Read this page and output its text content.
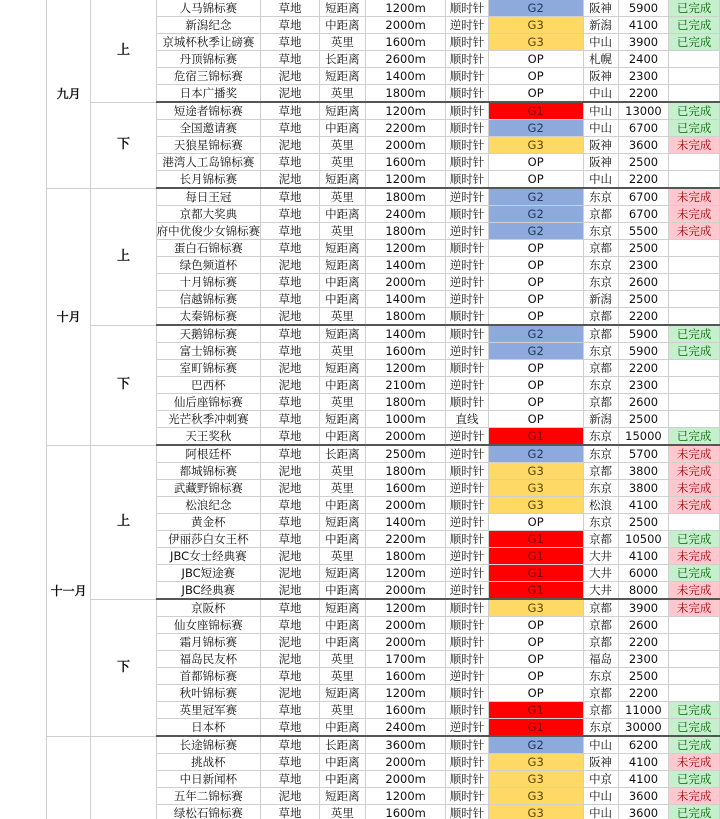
九月	上	人马锦标赛	草地	短距离	1200m	顺时针	G2	阪神	5900	已完成
		新潟纪念	草地	中距离	2000m	逆时针	G3	新潟	4100	已完成
		京城杯秋季让磅赛	草地	英里	1600m	顺时针	G3	中山	3900	已完成
		丹顶锦标赛	草地	长距离	2600m	顺时针	OP	札幌	2400	
		危宿三锦标赛	泥地	短距离	1400m	顺时针	OP	阪神	2300	
		日本广播奖	泥地	英里	1800m	顺时针	OP	中山	2200	
	下	短途者锦标赛	草地	短距离	1200m	顺时针	G1	中山	13000	已完成
		全国邀请赛	草地	中距离	2200m	顺时针	G2	中山	6700	已完成
		天狼星锦标赛	泥地	英里	2000m	顺时针	G3	阪神	3600	未完成
		港湾人工岛锦标赛	草地	英里	1600m	顺时针	OP	阪神	2500	
		长月锦标赛	泥地	短距离	1200m	顺时针	OP	中山	2200	
十月	上	每日王冠	草地	英里	1800m	逆时针	G2	东京	6700	未完成
		京都大奖典	草地	中距离	2400m	顺时针	G2	京都	6700	未完成
		府中优俊少女锦标赛	草地	英里	1800m	逆时针	G2	东京	5500	未完成
		蛋白石锦标赛	草地	短距离	1200m	顺时针	OP	京都	2500	
		绿色频道杯	泥地	短距离	1400m	逆时针	OP	东京	2300	
		十月锦标赛	草地	中距离	2000m	逆时针	OP	东京	2600	
		信越锦标赛	草地	中距离	1400m	逆时针	OP	新潟	2500	
		太秦锦标赛	泥地	英里	1800m	顺时针	OP	京都	2200	
	下	天鹅锦标赛	草地	短距离	1400m	顺时针	G2	京都	5900	已完成
		富士锦标赛	草地	英里	1600m	逆时针	G2	东京	5900	已完成
		室町锦标赛	泥地	短距离	1200m	顺时针	OP	京都	2200	
		巴西杯	泥地	中距离	2100m	逆时针	OP	东京	2300	
		仙后座锦标赛	草地	英里	1800m	顺时针	OP	京都	2600	
		光芒秋季冲刺赛	草地	短距离	1000m	直线	OP	新潟	2500	
		天王奖秋	草地	中距离	2000m	逆时针	G1	东京	15000	已完成
十一月	上	阿根廷杯	草地	长距离	2500m	逆时针	G2	东京	5700	未完成
		都城锦标赛	泥地	英里	1800m	顺时针	G3	京都	3800	未完成
		武藏野锦标赛	泥地	英里	1600m	逆时针	G3	东京	3800	未完成
		松浪纪念	草地	中距离	2000m	顺时针	G3	松浪	4100	未完成
		黄金杯	草地	短距离	1400m	逆时针	OP	东京	2500	
		伊丽莎白女王杯	草地	中距离	2200m	顺时针	G1	京都	10500	已完成
		JBC女士经典赛	泥地	英里	1800m	逆时针	G1	大井	4100	未完成
		JBC短途赛	泥地	短距离	1200m	逆时针	G1	大井	6000	已完成
		JBC经典赛	泥地	中距离	2000m	逆时针	G1	大井	8000	未完成
	下	京阪杯	草地	短距离	1200m	顺时针	G3	京都	3900	未完成
		仙女座锦标赛	草地	中距离	2000m	顺时针	OP	京都	2600	
		霜月锦标赛	泥地	中距离	2000m	顺时针	OP	京都	2200	
		福岛民友杯	泥地	英里	1700m	顺时针	OP	福岛	2300	
		首都锦标赛	草地	英里	1600m	逆时针	OP	东京	2500	
		秋叶锦标赛	泥地	短距离	1200m	顺时针	OP	京都	2200	
		英里冠军赛	草地	英里	1600m	顺时针	G1	京都	11000	已完成
		日本杯	草地	中距离	2400m	逆时针	G1	东京	30000	已完成
		长途锦标赛	草地	长距离	3600m	顺时针	G2	中山	6200	已完成
		挑战杯	草地	中距离	2000m	顺时针	G3	阪神	4100	未完成
		中日新闻杯	草地	中距离	2000m	顺时针	G3	中京	4100	已完成
		五年二锦标赛	泥地	短距离	1200m	顺时针	G3	中山	3600	未完成
		绿松石锦标赛	草地	英里	1600m	顺时针	G3	中山	3600	已完成
